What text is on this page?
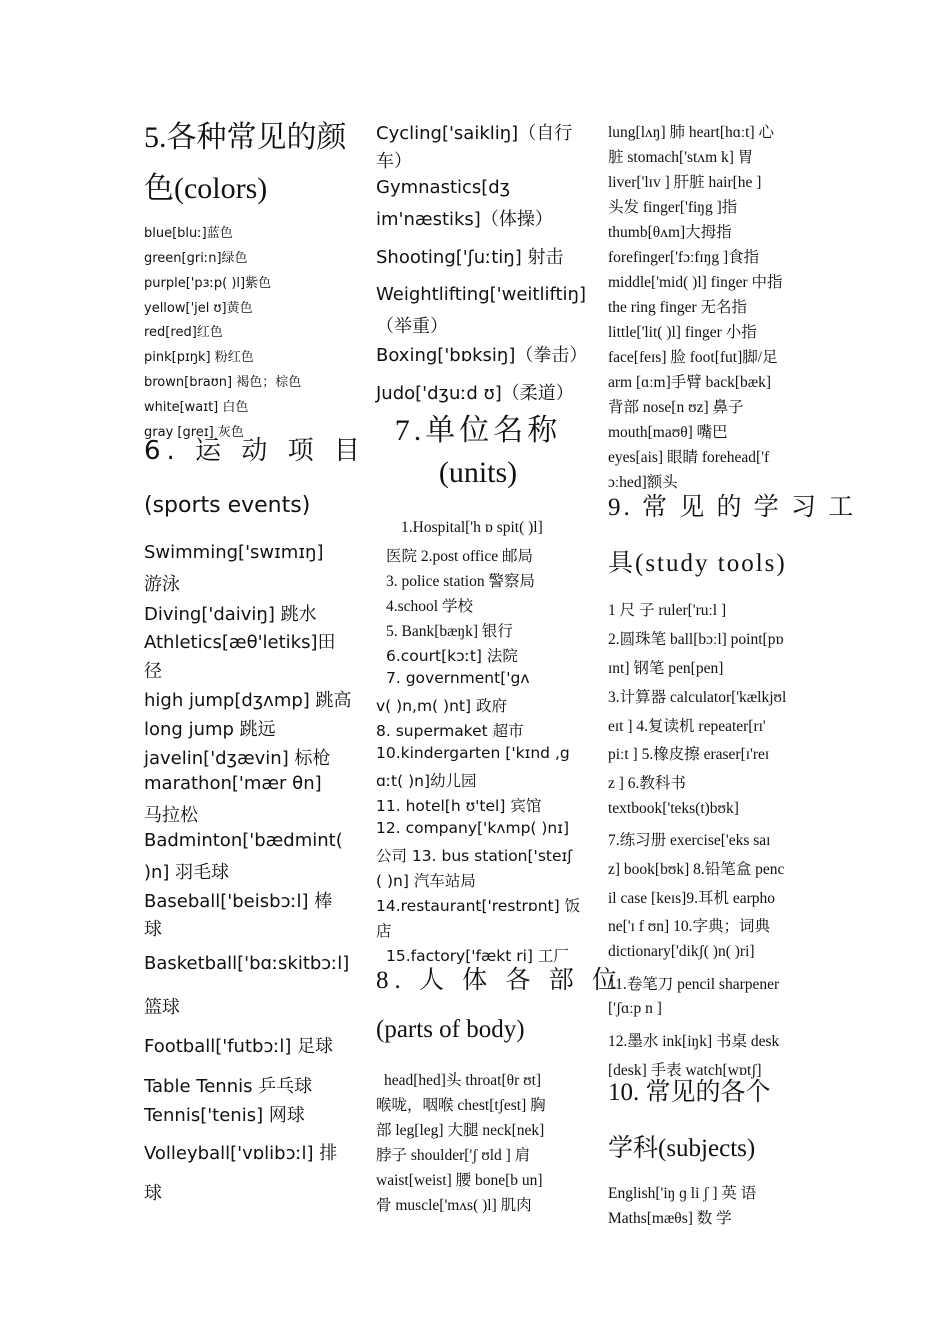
5.各种常见的颜
色(colors)
blue[bluː]蓝色
green[griːn]绿色
purple['pɜːp( )l]紫色
yellow['jel ʊ]黄色
red[red]红色
pink[pɪŋk] 粉红色
brown[braʊn] 褐色；棕色
white[waɪt] 白色
gray [greɪ] 灰色
6. 运 动 项 目
(sports events)
Swimming['swɪmɪŋ]
游泳
Diving['daiviŋ] 跳水
Athletics[æθ'letiks]田
径
high jump[dʒʌmp] 跳高
long jump 跳远
javelin['dʒævin] 标枪
marathon['mær θn]
马拉松
Badminton['bædmint(
)n] 羽毛球
Baseball['beisbɔːl] 棒
球
Basketball['bɑːskitbɔːl]
篮球
Football['futbɔːl] 足球
Table Tennis 乒乓球
Tennis['tenis] 网球
Volleyball['vɒlibɔːl] 排
球
Cycling['saikliŋ]（自行
车）
Gymnastics[dʒ
im'næstiks]（体操）
Shooting['ʃuːtiŋ] 射击
Weightlifting['weitliftiŋ]
（举重）
Boxing['bɒksiŋ]（拳击）
Judo['dʒuːd ʊ]（柔道）
7.单位名称
(units)
1.Hospital['h ɒ spit( )l]
医院 2.post office 邮局
3. police station 警察局
4.school 学校
5. Bank[bæŋk] 银行
6.court[kɔːt] 法院
7. government['gʌ
v( )n,m( )nt] 政府
8. supermaket 超市
10.kindergarten ['kɪnd ,g
ɑːt( )n]幼儿园
11. hotel[h ʊ'tel] 宾馆
12. company['kʌmp( )nɪ]
公司 13. bus station['steɪʃ
( )n] 汽车站局
14.restaurant['restrɒnt] 饭
店
15.factory['fækt ri] 工厂
8. 人 体 各 部 位
(parts of body)
head[hed]头 throat[θr ʊt]
喉咙，咽喉 chest[tʃest] 胸
部 leg[leg] 大腿 neck[nek]
脖子 shoulder['ʃ ʊld ] 肩
waist[weist] 腰 bone[b un]
骨 muscle['mʌs( )l] 肌肉
lung[lʌŋ] 肺 heart[hɑːt] 心
脏 stomach['stʌm k] 胃
liver['lɪv ] 肝脏 hair[he ]
头发 finger['fiŋg ]指
thumb[θʌm]大拇指
forefinger['fɔːfɪŋg ]食指
middle['mid( )l] finger 中指
the ring finger 无名指
little['lit( )l] finger 小指
face[feɪs] 脸 foot[fut]脚/足
arm [ɑːm]手臂 back[bæk]
背部 nose[n ʊz] 鼻子
mouth[maʊθ] 嘴巴
eyes[ais] 眼睛 forehead['f
ɔːhed]额头
9. 常 见 的 学 习 工
具(study tools)
1 尺 子 ruler['ruːl ]
2.圆珠笔 ball[bɔːl] point[pɒ
ɪnt] 钢笔 pen[pen]
3.计算器 calculator['kælkjʊl
eɪt ] 4.复读机 repeater[rɪ'
piːt ] 5.橡皮擦 eraser[ɪ'reɪ
z ] 6.教科书
textbook['teks(t)bʊk]
7.练习册 exercise['eks saɪ
z] book[bʊk] 8.铅笔盒 penc
il case [keɪs]9.耳机 earpho
ne['ɪ f ʊn] 10.字典；词典
dictionary['dikʃ( )n( )ri]
11.卷笔刀 pencil sharpener
['ʃɑːp n ]
12.墨水 ink[iŋk] 书桌 desk
[desk] 手表 watch[wɒtʃ]
10. 常见的各个
学科(subjects)
English['iŋ ɡ li ʃ ] 英 语
Maths[mæθs] 数 学
